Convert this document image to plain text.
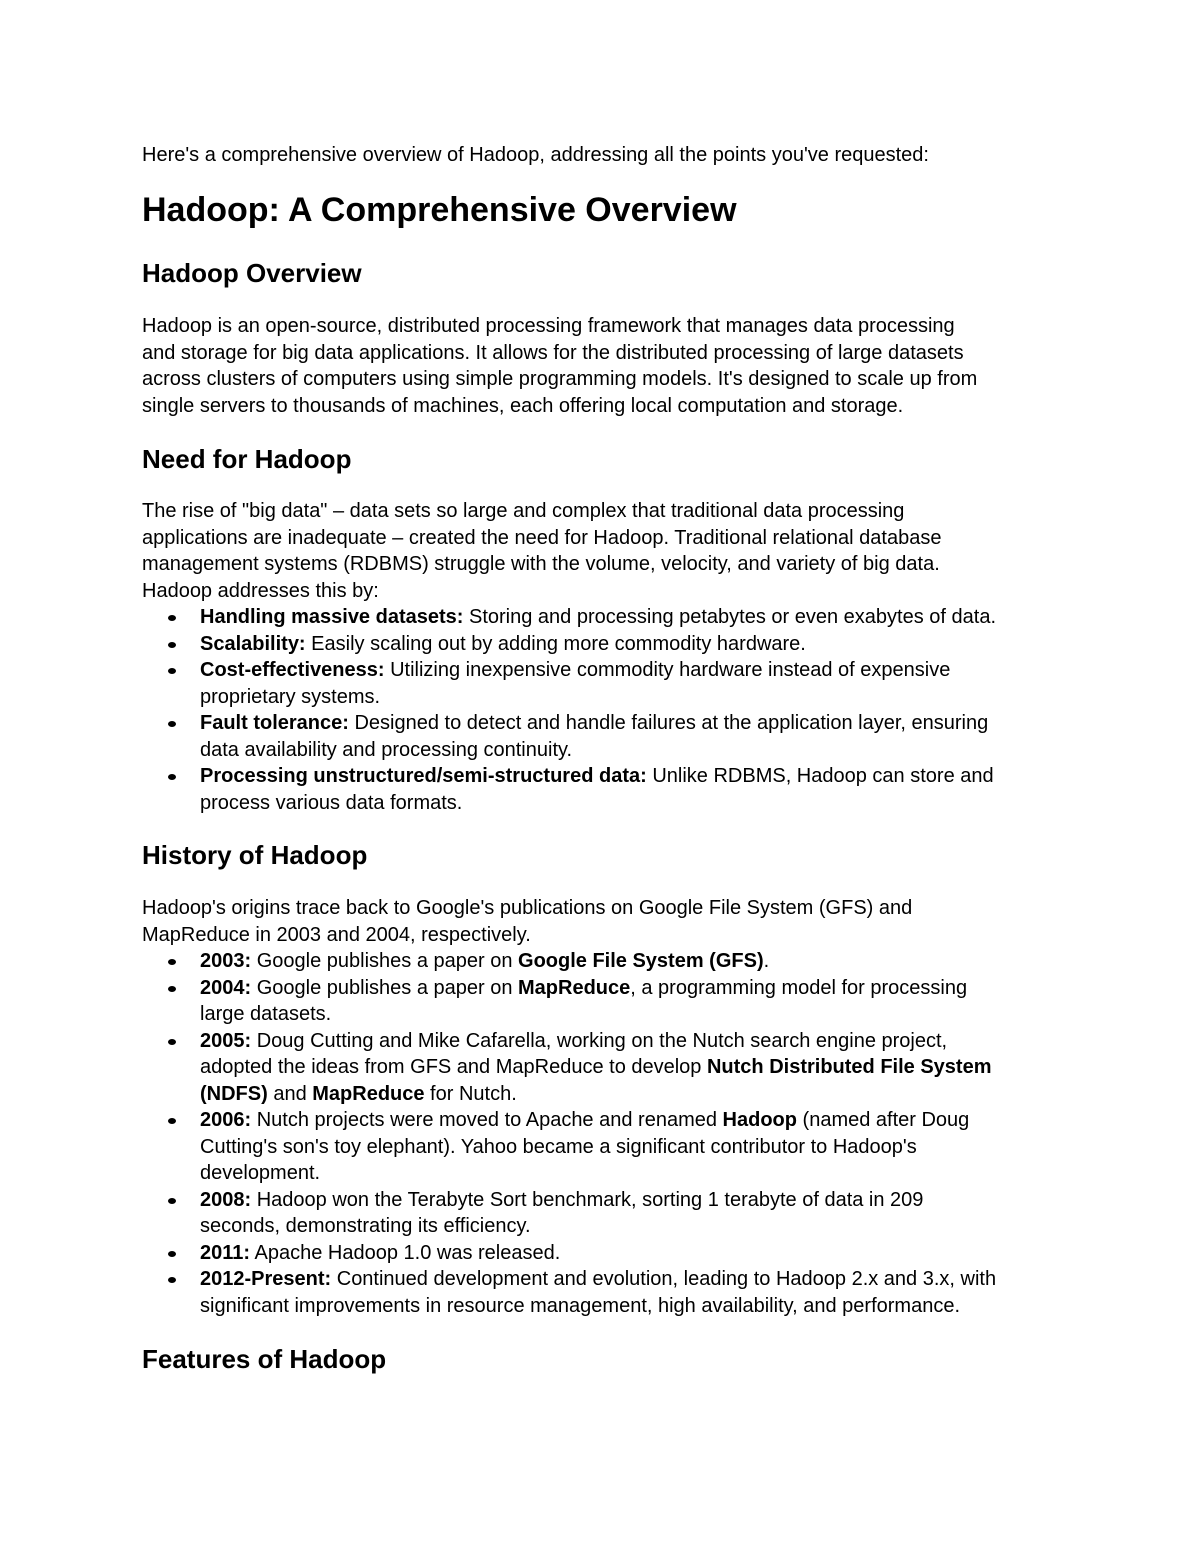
Here's a comprehensive overview of Hadoop, addressing all the points you've requested:

Hadoop: A Comprehensive Overview
Hadoop Overview

Hadoop is an open-source, distributed processing framework that manages data processing
and storage for big data applications. It allows for the distributed processing of large datasets
across clusters of computers using simple programming models. It's designed to scale up from
single servers to thousands of machines, each offering local computation and storage.

Need for Hadoop

The rise of "big data" – data sets so large and complex that traditional data processing
applications are inadequate – created the need for Hadoop. Traditional relational database
management systems (RDBMS) struggle with the volume, velocity, and variety of big data.
Hadoop addresses this by:

Handling massive datasets: Storing and processing petabytes or even exabytes of data.
Scalability: Easily scaling out by adding more commodity hardware.
Cost-effectiveness: Utilizing inexpensive commodity hardware instead of expensive
proprietary systems.
Fault tolerance: Designed to detect and handle failures at the application layer, ensuring
data availability and processing continuity.
Processing unstructured/semi-structured data: Unlike RDBMS, Hadoop can store and
process various data formats.
History of Hadoop

Hadoop's origins trace back to Google's publications on Google File System (GFS) and
MapReduce in 2003 and 2004, respectively.

2003: Google publishes a paper on Google File System (GFS).
2004: Google publishes a paper on MapReduce, a programming model for processing
large datasets.
2005: Doug Cutting and Mike Cafarella, working on the Nutch search engine project,
adopted the ideas from GFS and MapReduce to develop Nutch Distributed File System
(NDFS) and MapReduce for Nutch.
2006: Nutch projects were moved to Apache and renamed Hadoop (named after Doug
Cutting's son's toy elephant). Yahoo became a significant contributor to Hadoop's
development.
2008: Hadoop won the Terabyte Sort benchmark, sorting 1 terabyte of data in 209
seconds, demonstrating its efficiency.
2011: Apache Hadoop 1.0 was released.
2012-Present: Continued development and evolution, leading to Hadoop 2.x and 3.x, with
significant improvements in resource management, high availability, and performance.
Features of Hadoop
